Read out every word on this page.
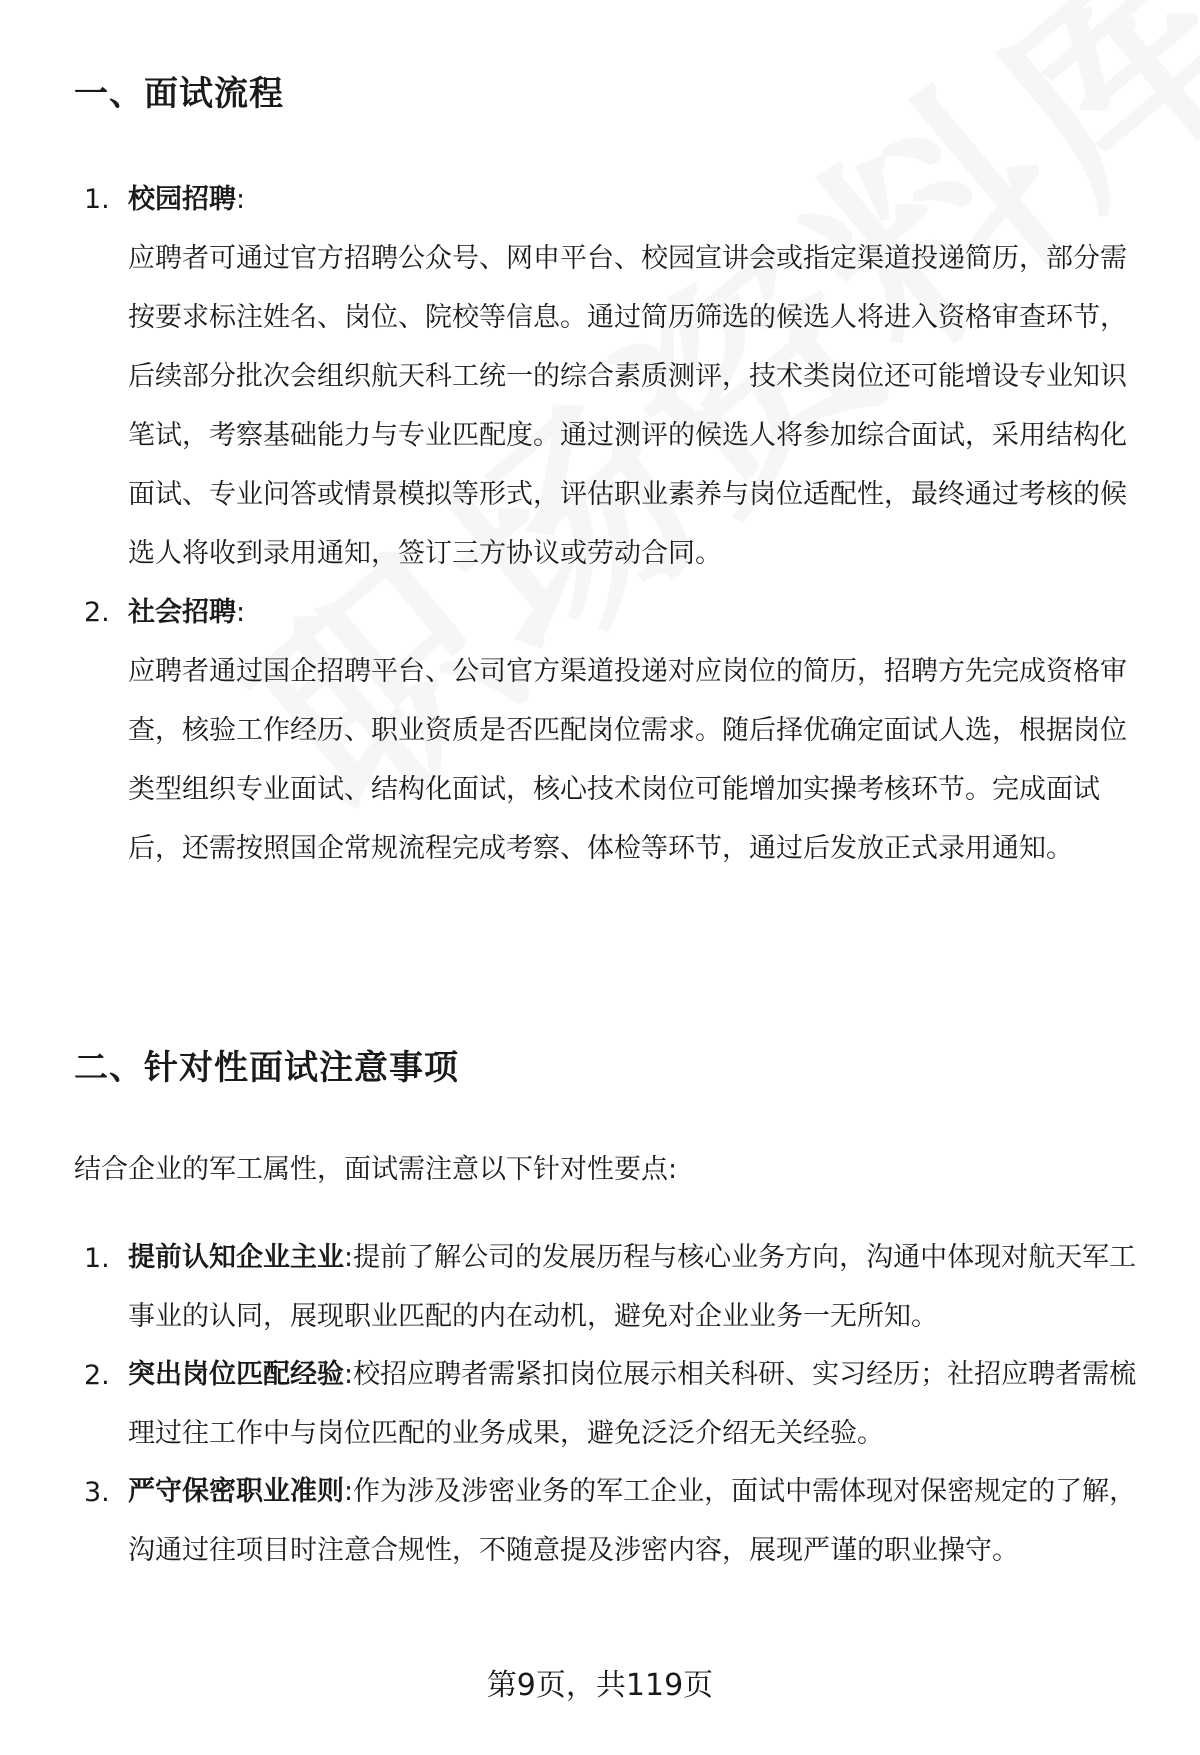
一、面试流程
1. 校园招聘:
应聘者可通过官方招聘公众号、网申平台、校园宣讲会或指定渠道投递简历，部分需按要求标注姓名、岗位、院校等信息。通过简历筛选的候选人将进入资格审查环节，后续部分批次会组织航天科工统一的综合素质测评，技术类岗位还可能增设专业知识笔试，考察基础能力与专业匹配度。通过测评的候选人将参加综合面试，采用结构化面试、专业问答或情景模拟等形式，评估职业素养与岗位适配性，最终通过考核的候选人将收到录用通知，签订三方协议或劳动合同。
2. 社会招聘:
应聘者通过国企招聘平台、公司官方渠道投递对应岗位的简历，招聘方先完成资格审查，核验工作经历、职业资质是否匹配岗位需求。随后择优确定面试人选，根据岗位类型组织专业面试、结构化面试，核心技术岗位可能增加实操考核环节。完成面试后，还需按照国企常规流程完成考察、体检等环节，通过后发放正式录用通知。
二、针对性面试注意事项

结合企业的军工属性，面试需注意以下针对性要点:

1. 提前认知企业主业:提前了解公司的发展历程与核心业务方向，沟通中体现对航天军工事业的认同，展现职业匹配的内在动机，避免对企业业务一无所知。
2. 突出岗位匹配经验:校招应聘者需紧扣岗位展示相关科研、实习经历；社招应聘者需梳理过往工作中与岗位匹配的业务成果，避免泛泛介绍无关经验。
3. 严守保密职业准则:作为涉及涉密业务的军工企业，面试中需体现对保密规定的了解，沟通过往项目时注意合规性，不随意提及涉密内容，展现严谨的职业操守。
第9页，共119页
